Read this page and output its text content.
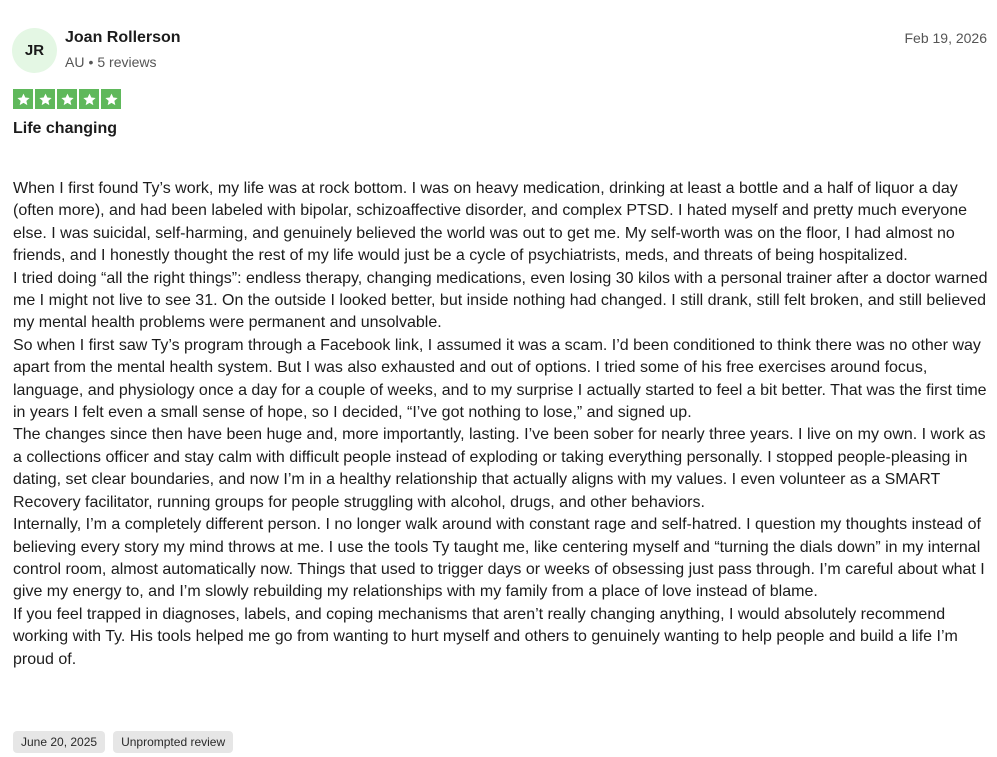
JR
Joan Rollerson
AU • 5 reviews
Feb 19, 2026
Life changing

When I first found Ty’s work, my life was at rock bottom. I was on heavy medication, drinking at least a bottle and a half of liquor a day (often more), and had been labeled with bipolar, schizoaffective disorder, and complex PTSD. I hated myself and pretty much everyone else. I was suicidal, self-harming, and genuinely believed the world was out to get me. My self-worth was on the floor, I had almost no friends, and I honestly thought the rest of my life would just be a cycle of psychiatrists, meds, and threats of being hospitalized.

I tried doing “all the right things”: endless therapy, changing medications, even losing 30 kilos with a personal trainer after a doctor warned me I might not live to see 31. On the outside I looked better, but inside nothing had changed. I still drank, still felt broken, and still believed my mental health problems were permanent and unsolvable.

So when I first saw Ty’s program through a Facebook link, I assumed it was a scam. I’d been conditioned to think there was no other way apart from the mental health system. But I was also exhausted and out of options. I tried some of his free exercises around focus, language, and physiology once a day for a couple of weeks, and to my surprise I actually started to feel a bit better. That was the first time in years I felt even a small sense of hope, so I decided, “I’ve got nothing to lose,” and signed up.

The changes since then have been huge and, more importantly, lasting. I’ve been sober for nearly three years. I live on my own. I work as a collections officer and stay calm with difficult people instead of exploding or taking everything personally. I stopped people-pleasing in dating, set clear boundaries, and now I’m in a healthy relationship that actually aligns with my values. I even volunteer as a SMART Recovery facilitator, running groups for people struggling with alcohol, drugs, and other behaviors.

Internally, I’m a completely different person. I no longer walk around with constant rage and self-hatred. I question my thoughts instead of believing every story my mind throws at me. I use the tools Ty taught me, like centering myself and “turning the dials down” in my internal control room, almost automatically now. Things that used to trigger days or weeks of obsessing just pass through. I’m careful about what I give my energy to, and I’m slowly rebuilding my relationships with my family from a place of love instead of blame.

If you feel trapped in diagnoses, labels, and coping mechanisms that aren’t really changing anything, I would absolutely recommend working with Ty. His tools helped me go from wanting to hurt myself and others to genuinely wanting to help people and build a life I’m proud of.

June 20, 2025	Unprompted review
